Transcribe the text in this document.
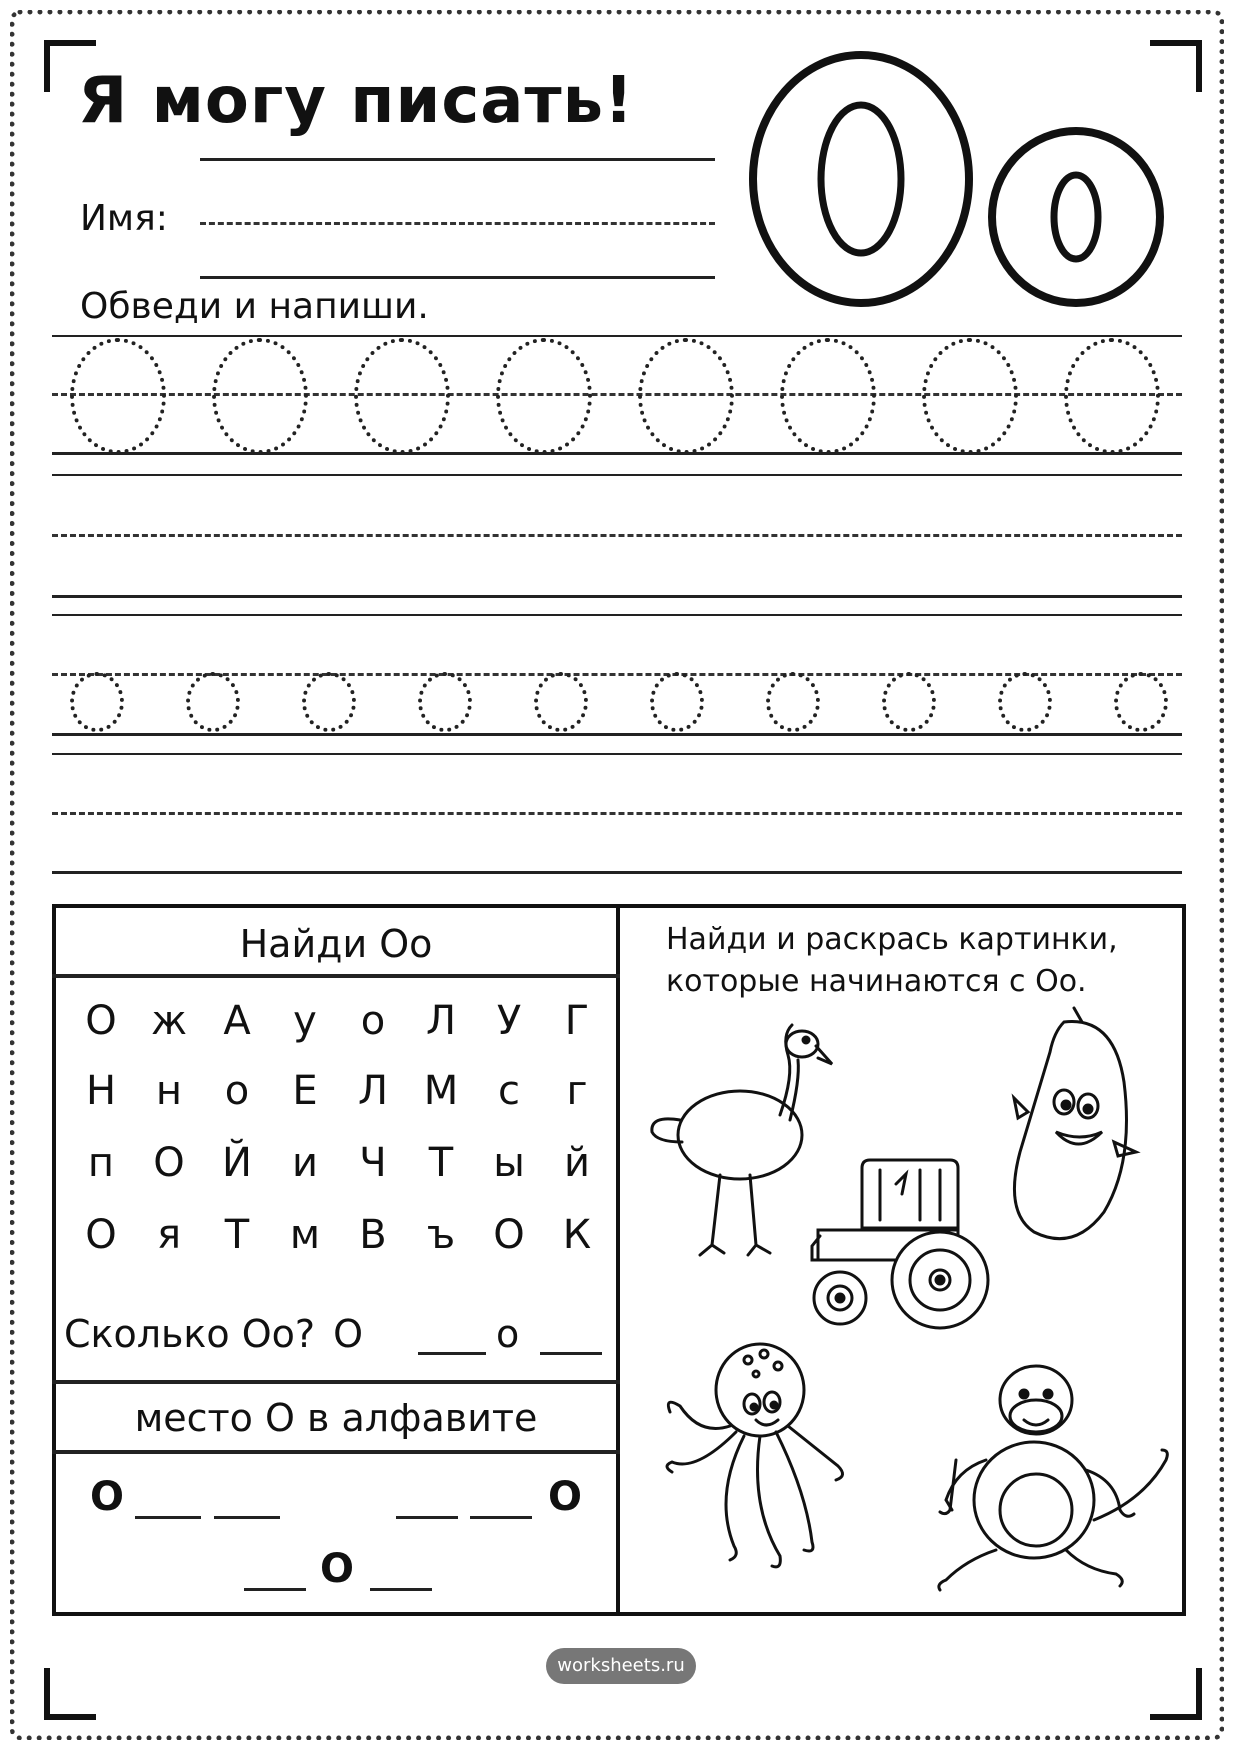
Я могу писать!
Имя:
Обведи и напиши.
Найди Оо
О ж А	у	о	Л	У	Г
Н н	о	Е	Л М с	г
п О Й	и	Ч	Т ы й
О	я	Т	м В ъ О К
Сколько Оо? О	о
место О в алфавите
О	О
О
Найди и раскрась картинки,
которые начинаются с Оо.
worksheets.ru
